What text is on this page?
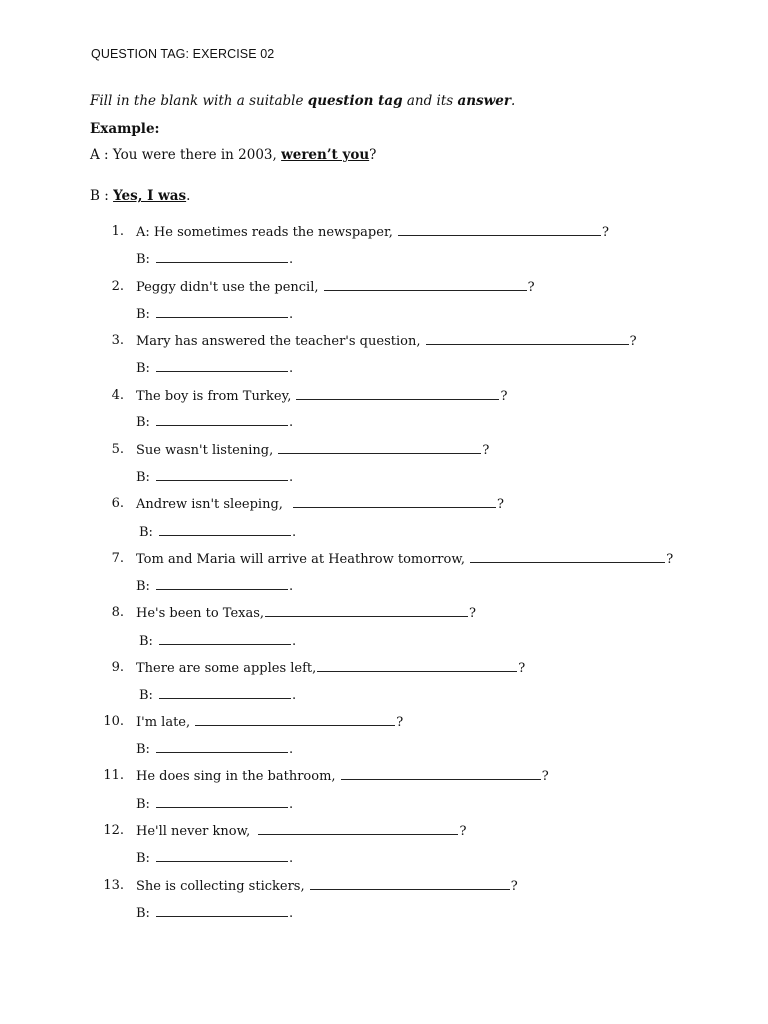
QUESTION TAG: EXERCISE 02
Fill in the blank with a suitable question tag and its answer.
Example:
A : You were there in 2003, weren’t you?
B : Yes, I was.
1. A: He sometimes reads the newspaper,	?
B:	.
2. Peggy didn't use the pencil,	?
B:	.
3. Mary has answered the teacher's question,	?
B:	.
4. The boy is from Turkey,	?
B:	.
5. Sue wasn't listening,	?
B:	.
6. Andrew isn't sleeping,	?
B:	.
7. Tom and Maria will arrive at Heathrow tomorrow,	?
B:	.
8. He's been to Texas,	?
B:	.
9. There are some apples left,	?
B:	.
10. I'm late,	?
B:	.
11. He does sing in the bathroom,	?
B:	.
12. He'll never know,	?
B:	.
13. She is collecting stickers,	?
B:	.
